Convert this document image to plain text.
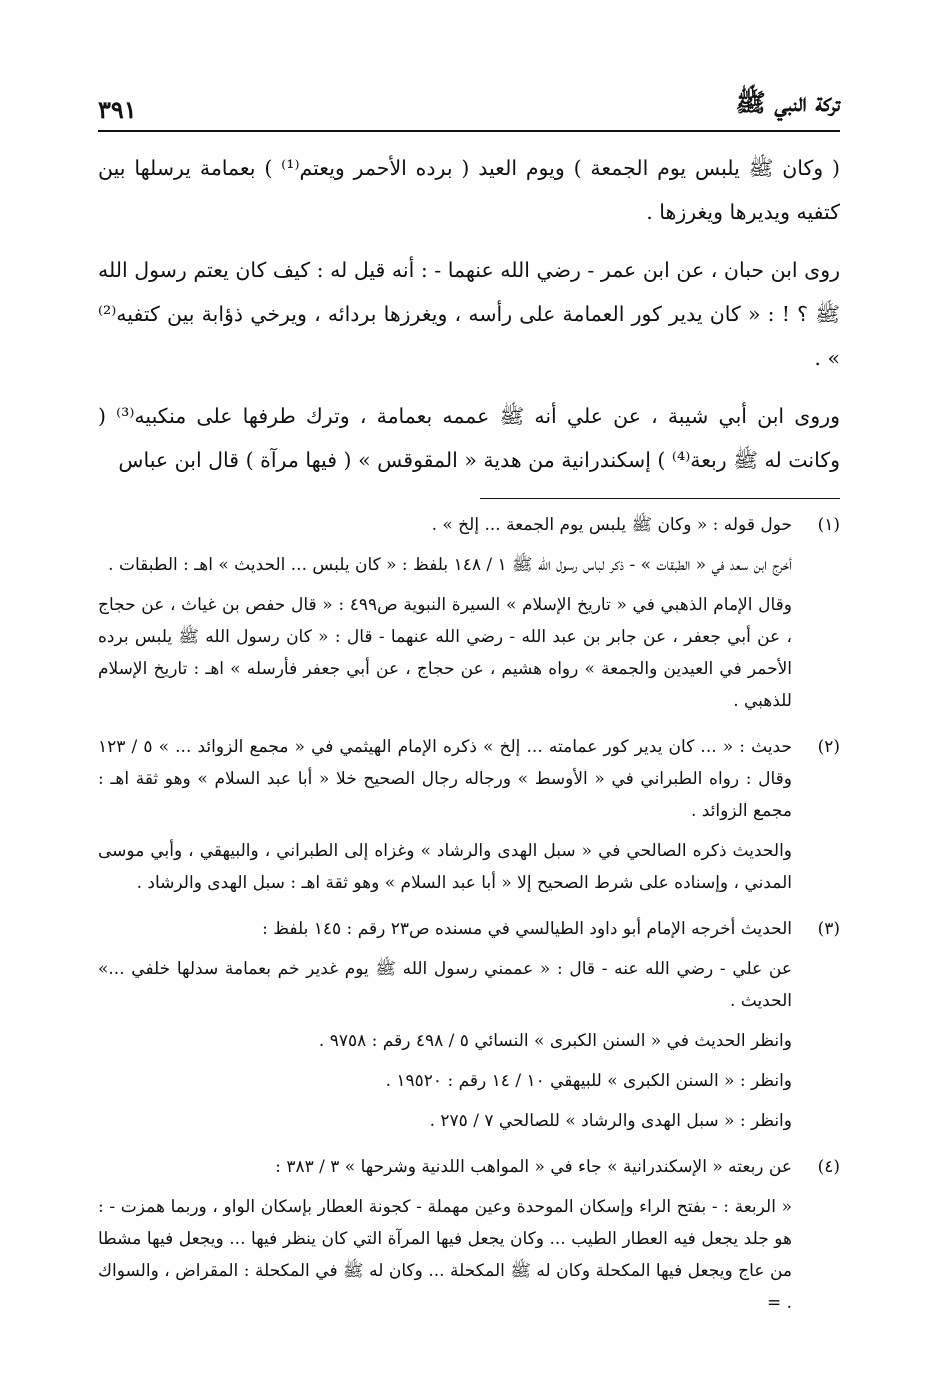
تركة النبي ﷺ
٣٩١

( وكان ﷺ يلبس يوم الجمعة ) ويوم العيد ( برده الأحمر ويعتم⁽¹⁾ ) بعمامة يرسلها بين كتفيه ويديرها ويغرزها .

روى ابن حبان ، عن ابن عمر - رضي الله عنهما - : أنه قيل له : كيف كان يعتم رسول الله ﷺ ؟ ! : « كان يدير كور العمامة على رأسه ، ويغرزها بردائه ، ويرخي ذؤابة بين كتفيه⁽²⁾ » .

وروى ابن أبي شيبة ، عن علي أنه ﷺ عممه بعمامة ، وترك طرفها على منكبيه⁽³⁾ ( وكانت له ﷺ ربعة⁽⁴⁾ ) إسكندرانية من هدية « المقوقس » ( فيها مرآة ) قال ابن عباس

(١)

حول قوله : « وكان ﷺ يلبس يوم الجمعة ... إلخ » .

أخرج ابن سعد في « الطبقات » - ذكر لباس رسول الله ﷺ ١ / ١٤٨ بلفظ : « كان يلبس ... الحديث » اهـ : الطبقات .

وقال الإمام الذهبي في « تاريخ الإسلام » السيرة النبوية ص٤٩٩ : « قال حفص بن غياث ، عن حجاج ، عن أبي جعفر ، عن جابر بن عبد الله - رضي الله عنهما - قال : « كان رسول الله ﷺ يلبس برده الأحمر في العيدين والجمعة » رواه هشيم ، عن حجاج ، عن أبي جعفر فأرسله » اهـ : تاريخ الإسلام للذهبي .

(٢)

حديث : « ... كان يدير كور عمامته ... إلخ » ذكره الإمام الهيثمي في « مجمع الزوائد ... » ٥ / ١٢٣ وقال : رواه الطبراني في « الأوسط » ورجاله رجال الصحيح خلا « أبا عبد السلام » وهو ثقة اهـ : مجمع الزوائد .

والحديث ذكره الصالحي في « سبل الهدى والرشاد » وغزاه إلى الطبراني ، والبيهقي ، وأبي موسى المدني ، وإسناده على شرط الصحيح إلا « أبا عبد السلام » وهو ثقة اهـ : سبل الهدى والرشاد .

(٣)

الحديث أخرجه الإمام أبو داود الطيالسي في مسنده ص٢٣ رقم : ١٤٥ بلفظ :

عن علي - رضي الله عنه - قال : « عممني رسول الله ﷺ يوم غدير خم بعمامة سدلها خلفي ...» الحديث .

وانظر الحديث في « السنن الكبرى » النسائي ٥ / ٤٩٨ رقم : ٩٧٥٨ .

وانظر : « السنن الكبرى » للبيهقي ١٠ / ١٤ رقم : ١٩٥٢٠ .

وانظر : « سبل الهدى والرشاد » للصالحي ٧ / ٢٧٥ .

(٤)

عن ربعته « الإسكندرانية » جاء في « المواهب اللدنية وشرحها » ٣ / ٣٨٣ :

« الربعة : - بفتح الراء وإسكان الموحدة وعين مهملة - كجونة العطار بإسكان الواو ، وربما همزت - : هو جلد يجعل فيه العطار الطيب ... وكان يجعل فيها المرآة التي كان ينظر فيها ... ويجعل فيها مشطا من عاج ويجعل فيها المكحلة وكان له ﷺ المكحلة ... وكان له ﷺ في المكحلة : المقراض ، والسواك . =
